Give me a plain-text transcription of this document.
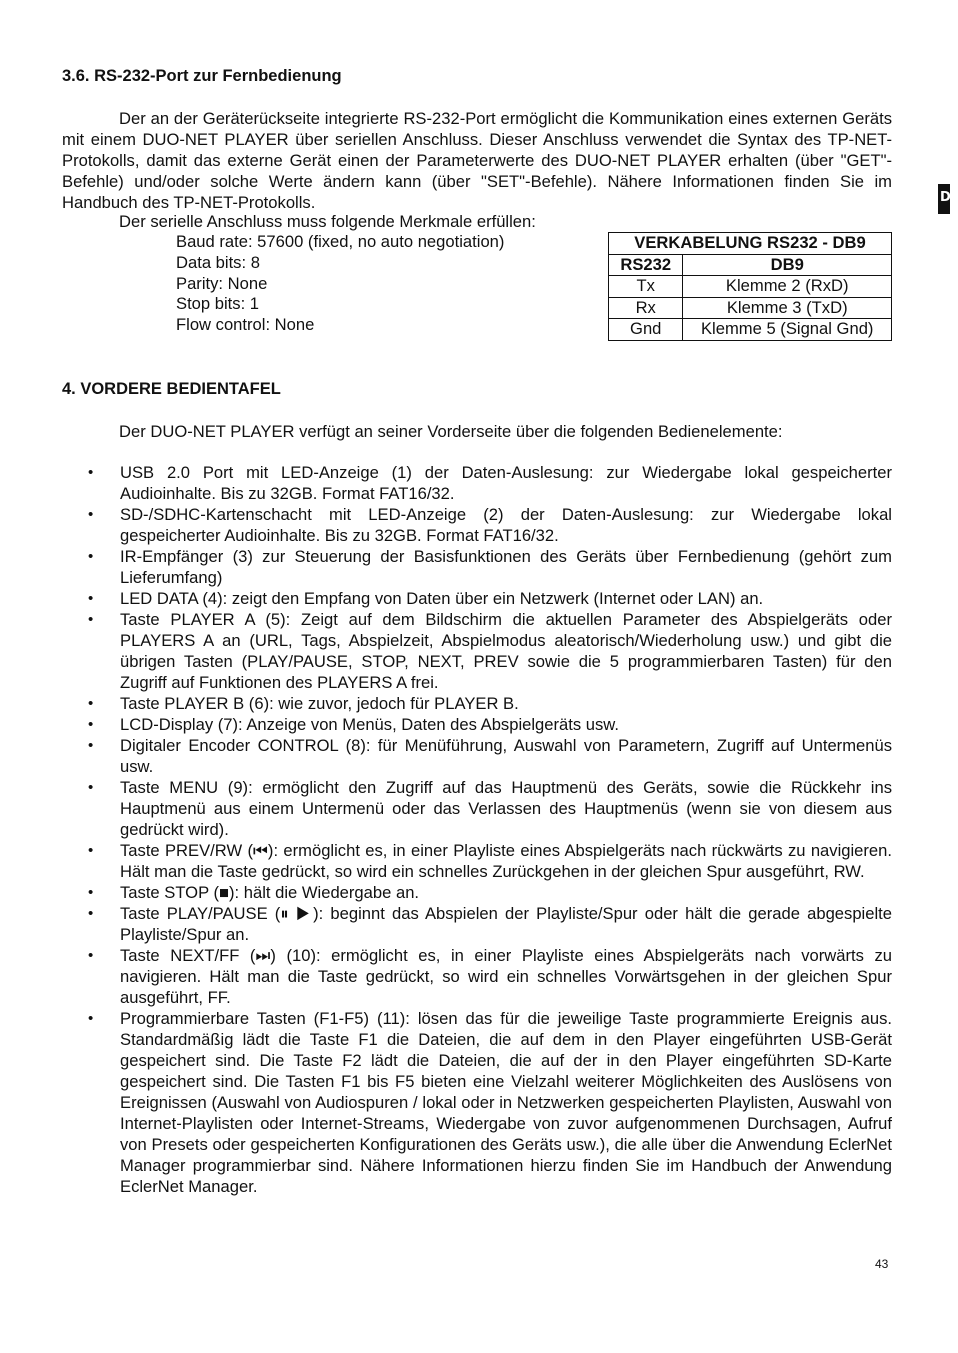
DE
3.6. RS-232-Port zur Fernbedienung
Der an der Geräterückseite integrierte RS-232-Port ermöglicht die Kommunikation eines externen Geräts mit einem DUO-NET PLAYER über seriellen Anschluss. Dieser Anschluss verwendet die Syntax des TP-NET-Protokolls, damit das externe Gerät einen der Parameterwerte des DUO-NET PLAYER erhalten (über "GET"-Befehle) und/oder solche Werte ändern kann (über "SET"-Befehle). Nähere Informationen finden Sie im Handbuch des TP-NET-Protokolls.
Der serielle Anschluss muss folgende Merkmale erfüllen:
Baud rate: 57600 (fixed, no auto negotiation)
Data bits: 8
Parity: None
Stop bits: 1
Flow control: None
VERKABELUNG RS232 - DB9	
RS232	DB9
Tx	Klemme 2 (RxD)
Rx	Klemme 3 (TxD)
Gnd	Klemme 5 (Signal Gnd)
4. VORDERE BEDIENTAFEL
Der DUO-NET PLAYER verfügt an seiner Vorderseite über die folgenden Bedienelemente:
• USB 2.0 Port mit LED-Anzeige (1) der Daten-Auslesung: zur Wiedergabe lokal gespeicherter Audioinhalte. Bis zu 32GB. Format FAT16/32.
• SD-/SDHC-Kartenschacht mit LED-Anzeige (2) der Daten-Auslesung: zur Wiedergabe lokal gespeicherter Audioinhalte. Bis zu 32GB. Format FAT16/32.
• IR-Empfänger (3) zur Steuerung der Basisfunktionen des Geräts über Fernbedienung (gehört zum Lieferumfang)
• LED DATA (4): zeigt den Empfang von Daten über ein Netzwerk (Internet oder LAN) an.
• Taste PLAYER A (5): Zeigt auf dem Bildschirm die aktuellen Parameter des Abspielgeräts oder PLAYERS A an (URL, Tags, Abspielzeit, Abspielmodus aleatorisch/Wiederholung usw.) und gibt die übrigen Tasten (PLAY/PAUSE, STOP, NEXT, PREV sowie die 5 programmierbaren Tasten) für den Zugriff auf Funktionen des PLAYERS A frei.
• Taste PLAYER B (6): wie zuvor, jedoch für PLAYER B.
• LCD-Display (7): Anzeige von Menüs, Daten des Abspielgeräts usw.
• Digitaler Encoder CONTROL (8): für Menüführung, Auswahl von Parametern, Zugriff auf Untermenüs usw.
• Taste MENU (9): ermöglicht den Zugriff auf das Hauptmenü des Geräts, sowie die Rückkehr ins Hauptmenü aus einem Untermenü oder das Verlassen des Hauptmenüs (wenn sie von diesem aus gedrückt wird).
• Taste PREV/RW (⏮): ermöglicht es, in einer Playliste eines Abspielgeräts nach rückwärts zu navigieren. Hält man die Taste gedrückt, so wird ein schnelles Zurückgehen in der gleichen Spur ausgeführt, RW.
• Taste STOP (■): hält die Wiedergabe an.
• Taste PLAY/PAUSE (⏸ ▶): beginnt das Abspielen der Playliste/Spur oder hält die gerade abgespielte Playliste/Spur an.
• Taste NEXT/FF (⏭) (10): ermöglicht es, in einer Playliste eines Abspielgeräts nach vorwärts zu navigieren. Hält man die Taste gedrückt, so wird ein schnelles Vorwärtsgehen in der gleichen Spur ausgeführt, FF.
• Programmierbare Tasten (F1-F5) (11): lösen das für die jeweilige Taste programmierte Ereignis aus. Standardmäßig lädt die Taste F1 die Dateien, die auf dem in den Player eingeführten USB-Gerät gespeichert sind. Die Taste F2 lädt die Dateien, die auf der in den Player eingeführten SD-Karte gespeichert sind. Die Tasten F1 bis F5 bieten eine Vielzahl weiterer Möglichkeiten des Auslösens von Ereignissen (Auswahl von Audiospuren / lokal oder in Netzwerken gespeicherten Playlisten, Auswahl von Internet-Playlisten oder Internet-Streams, Wiedergabe von zuvor aufgenommenen Durchsagen, Aufruf von Presets oder gespeicherten Konfigurationen des Geräts usw.), die alle über die Anwendung EclerNet Manager programmierbar sind. Nähere Informationen hierzu finden Sie im Handbuch der Anwendung EclerNet Manager.
43
